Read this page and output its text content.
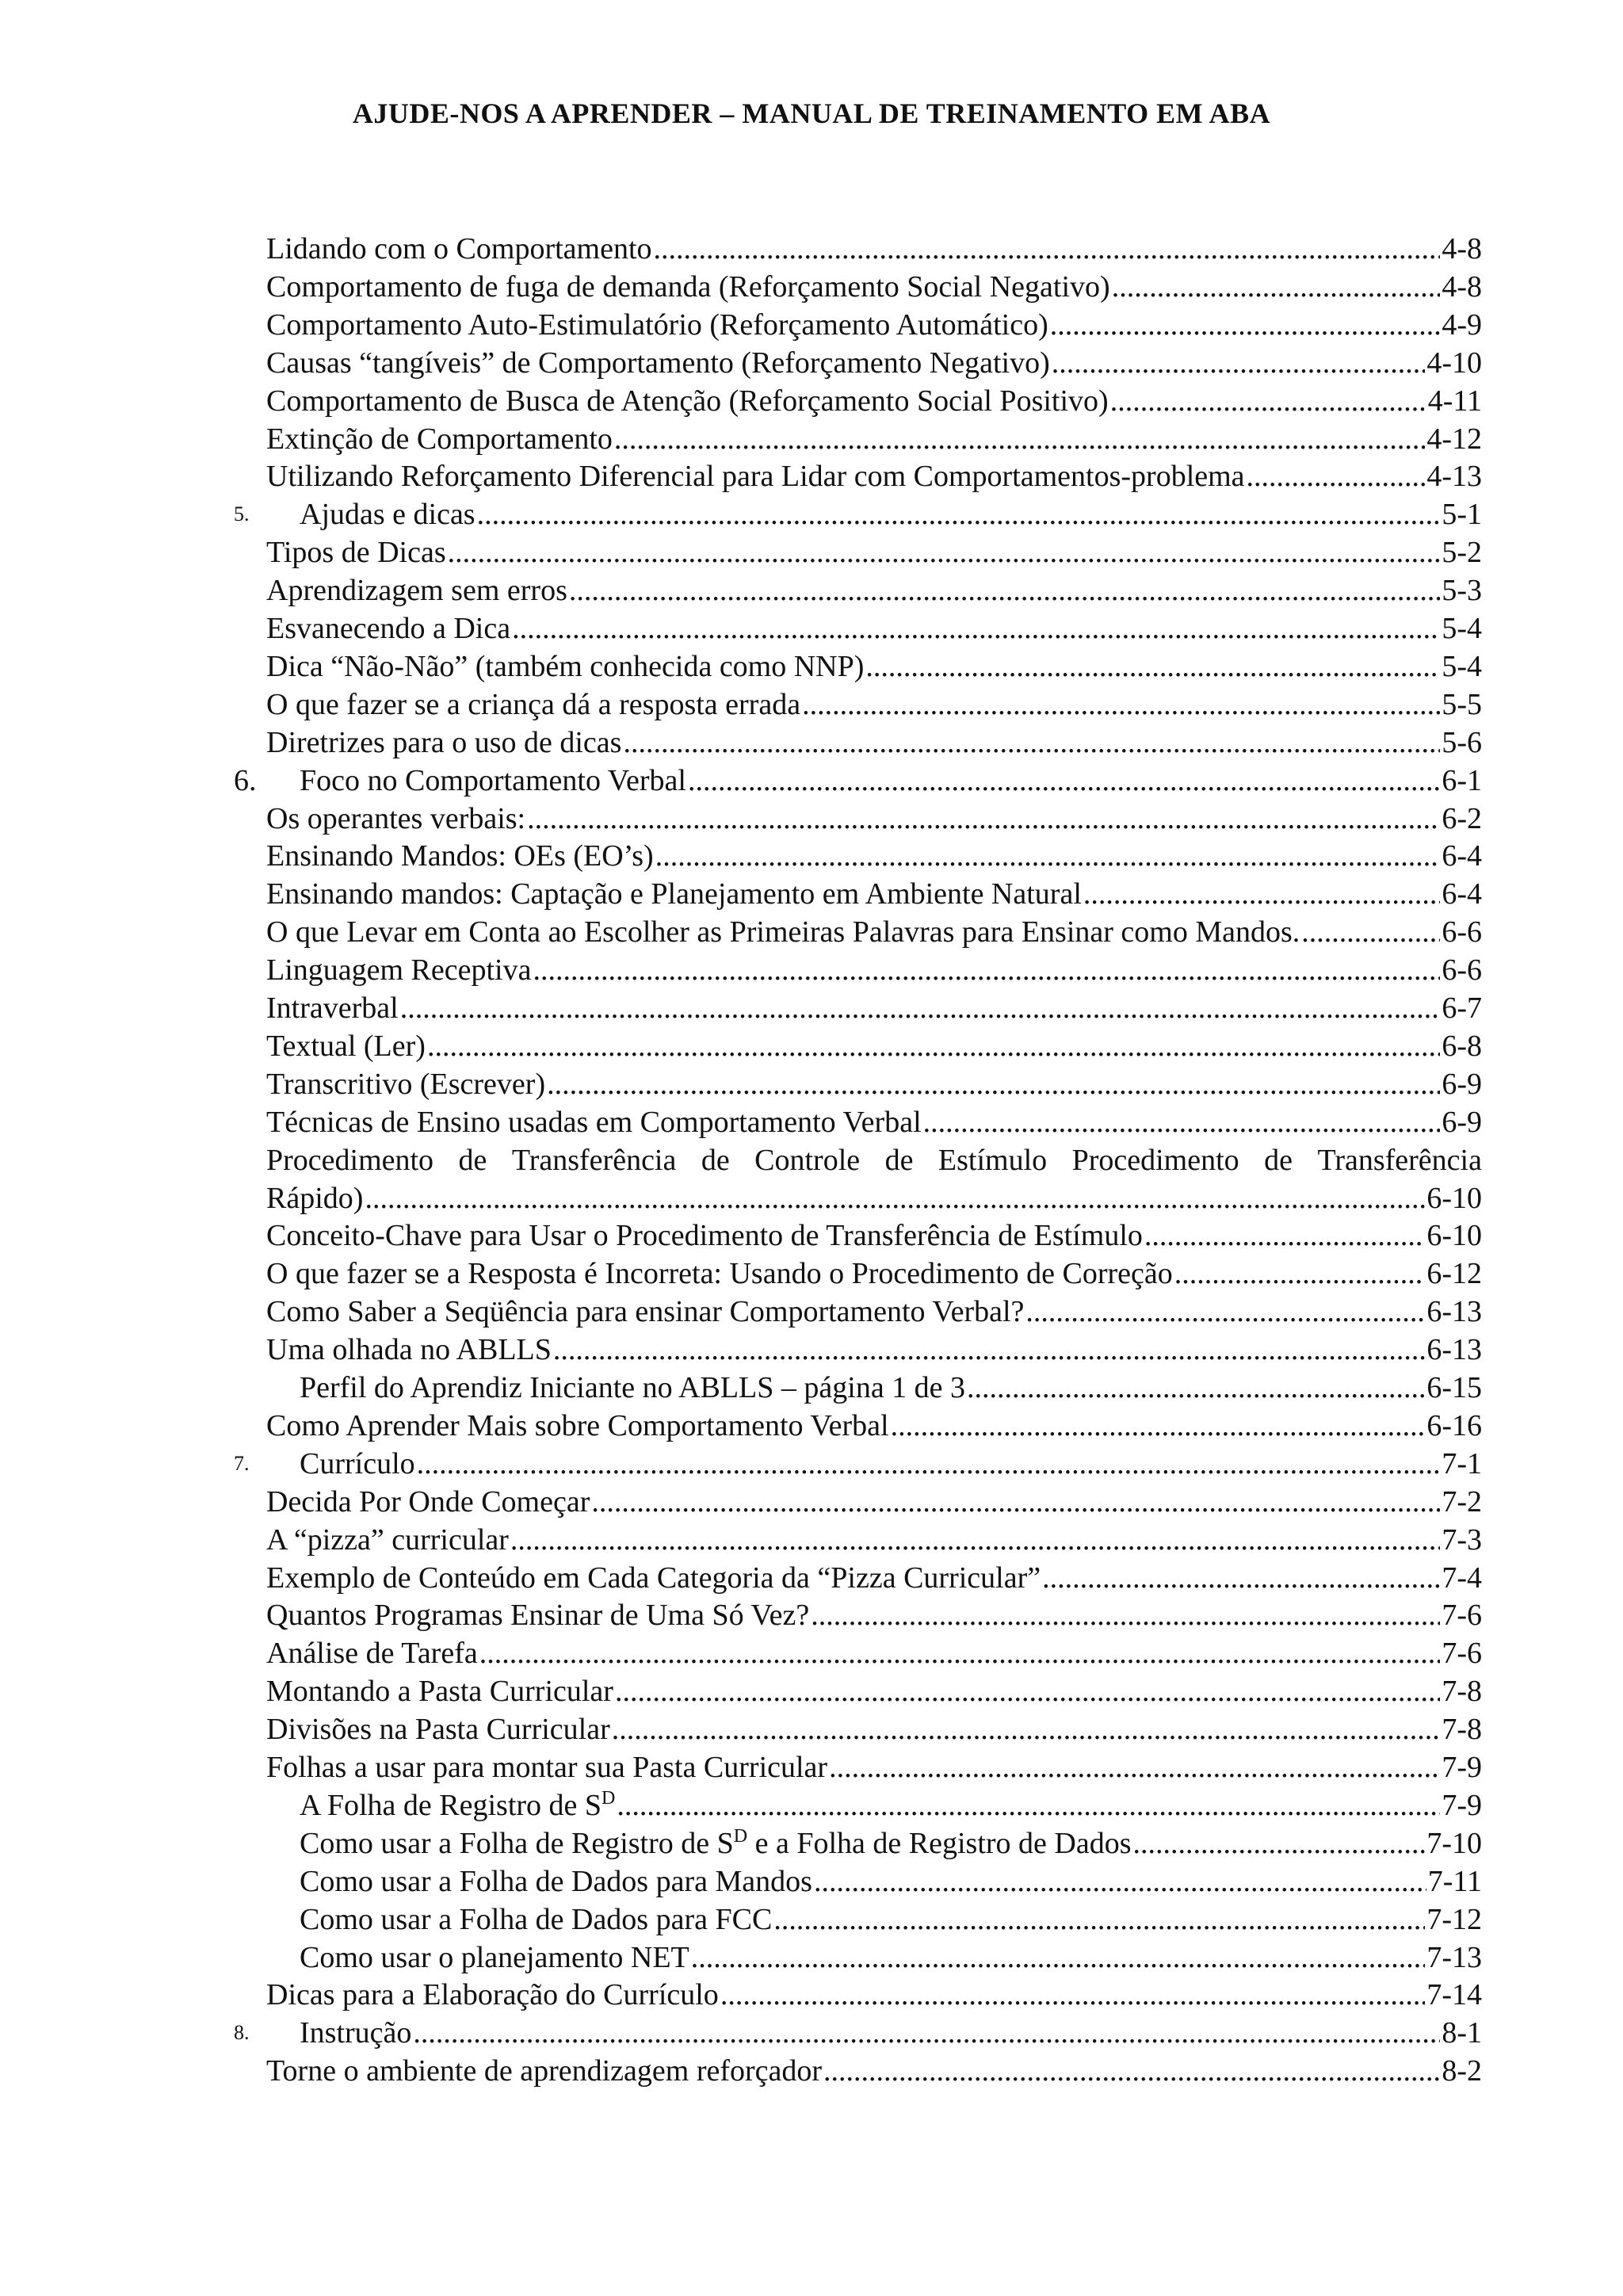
AJUDE-NOS A APRENDER – MANUAL DE TREINAMENTO EM ABA
Lidando com o Comportamento .....	4-8
Comportamento de fuga de demanda (Reforçamento Social Negativo) .....	4-8
Comportamento Auto-Estimulatório (Reforçamento Automático) .....	4-9
Causas “tangíveis” de Comportamento (Reforçamento Negativo) .....	4-10
Comportamento de Busca de Atenção (Reforçamento Social Positivo) .....	4-11
Extinção de Comportamento .....	4-12
Utilizando Reforçamento Diferencial para Lidar com Comportamentos-problema .....	4-13
5. Ajudas e dicas .....	5-1
Tipos de Dicas .....	5-2
Aprendizagem sem erros .....	5-3
Esvanecendo a Dica .....	5-4
Dica “Não-Não” (também conhecida como NNP) .....	5-4
O que fazer se a criança dá a resposta errada .....	5-5
Diretrizes para o uso de dicas .....	5-6
6. Foco no Comportamento Verbal .....	6-1
Os operantes verbais: .....	6-2
Ensinando Mandos: OEs (EO’s) .....	6-4
Ensinando mandos: Captação e Planejamento em Ambiente Natural .....	6-4
O que Levar em Conta ao Escolher as Primeiras Palavras para Ensinar como Mandos. .....	6-6
Linguagem Receptiva .....	6-6
Intraverbal .....	6-7
Textual (Ler) .....	6-8
Transcritivo (Escrever) .....	6-9
Técnicas de Ensino usadas em Comportamento Verbal .....	6-9
Procedimento de Transferência de Controle de Estímulo Procedimento de Transferência
Rápido) .....	6-10
Conceito-Chave para Usar o Procedimento de Transferência de Estímulo .....	6-10
O que fazer se a Resposta é Incorreta: Usando o Procedimento de Correção .....	6-12
Como Saber a Seqüência para ensinar Comportamento Verbal? .....	6-13
Uma olhada no ABLLS .....	6-13
Perfil do Aprendiz Iniciante no ABLLS – página 1 de 3 .....	6-15
Como Aprender Mais sobre Comportamento Verbal .....	6-16
7. Currículo .....	7-1
Decida Por Onde Começar .....	7-2
A “pizza” curricular .....	7-3
Exemplo de Conteúdo em Cada Categoria da “Pizza Curricular” .....	7-4
Quantos Programas Ensinar de Uma Só Vez? .....	7-6
Análise de Tarefa .....	7-6
Montando a Pasta Curricular .....	7-8
Divisões na Pasta Curricular .....	7-8
Folhas a usar para montar sua Pasta Curricular .....	7-9
A Folha de Registro de $S^D$ .....	7-9
Como usar a Folha de Registro de $S^D$ e a Folha de Registro de Dados .....	7-10
Como usar a Folha de Dados para Mandos .....	7-11
Como usar a Folha de Dados para FCC .....	7-12
Como usar o planejamento NET .....	7-13
Dicas para a Elaboração do Currículo .....	7-14
8. Instrução .....	8-1
Torne o ambiente de aprendizagem reforçador .....	8-2
